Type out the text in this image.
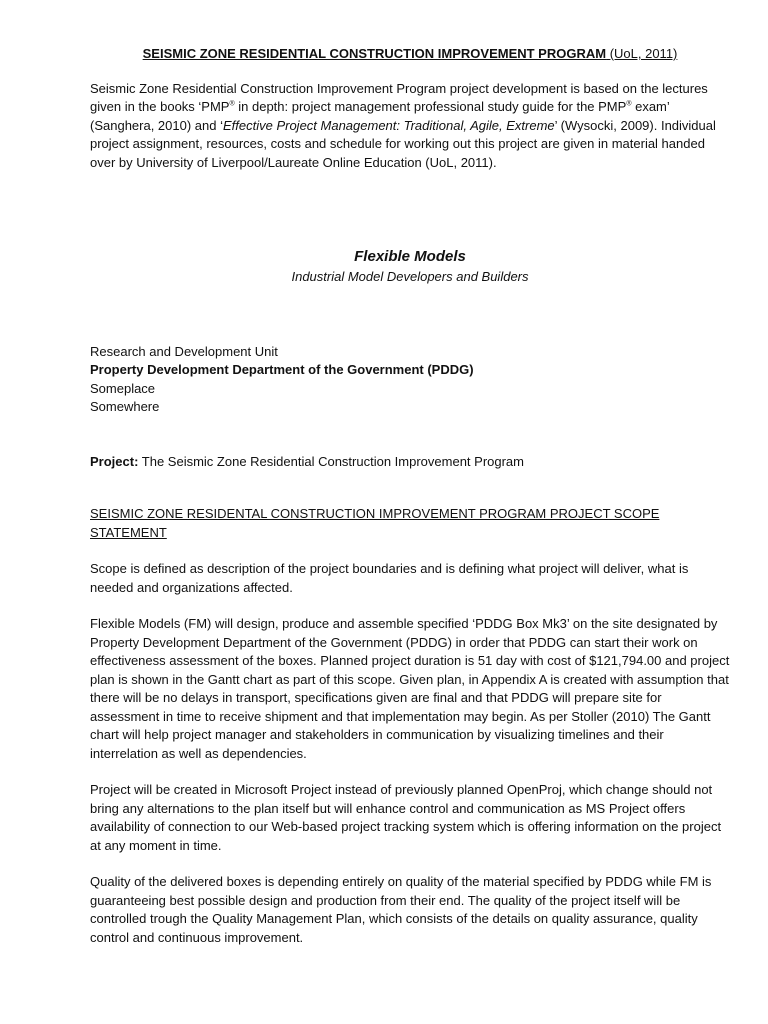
SEISMIC ZONE RESIDENTIAL CONSTRUCTION IMPROVEMENT PROGRAM (UoL, 2011)

Seismic Zone Residential Construction Improvement Program project development is based on the lectures given in the books ‘PMP® in depth: project management professional study guide for the PMP® exam’ (Sanghera, 2010) and ‘Effective Project Management: Traditional, Agile, Extreme’ (Wysocki, 2009). Individual project assignment, resources, costs and schedule for working out this project are given in material handed over by University of Liverpool/Laureate Online Education (UoL, 2011).

Flexible Models
Industrial Model Developers and Builders
Research and Development Unit
Property Development Department of the Government (PDDG)
Someplace
Somewhere

Project: The Seismic Zone Residential Construction Improvement Program

SEISMIC ZONE RESIDENTAL CONSTRUCTION IMPROVEMENT PROGRAM PROJECT SCOPE STATEMENT

Scope is defined as description of the project boundaries and is defining what project will deliver, what is needed and organizations affected.

Flexible Models (FM) will design, produce and assemble specified ‘PDDG Box Mk3’ on the site designated by Property Development Department of the Government (PDDG) in order that PDDG can start their work on effectiveness assessment of the boxes. Planned project duration is 51 day with cost of $121,794.00 and project plan is shown in the Gantt chart as part of this scope. Given plan, in Appendix A is created with assumption that there will be no delays in transport, specifications given are final and that PDDG will prepare site for assessment in time to receive shipment and that implementation may begin. As per Stoller (2010) The Gantt chart will help project manager and stakeholders in communication by visualizing timelines and their interrelation as well as dependencies.

Project will be created in Microsoft Project instead of previously planned OpenProj, which change should not bring any alternations to the plan itself but will enhance control and communication as MS Project offers availability of connection to our Web-based project tracking system which is offering information on the project at any moment in time.

Quality of the delivered boxes is depending entirely on quality of the material specified by PDDG while FM is guaranteeing best possible design and production from their end. The quality of the project itself will be controlled trough the Quality Management Plan, which consists of the details on quality assurance, quality control and continuous improvement.
